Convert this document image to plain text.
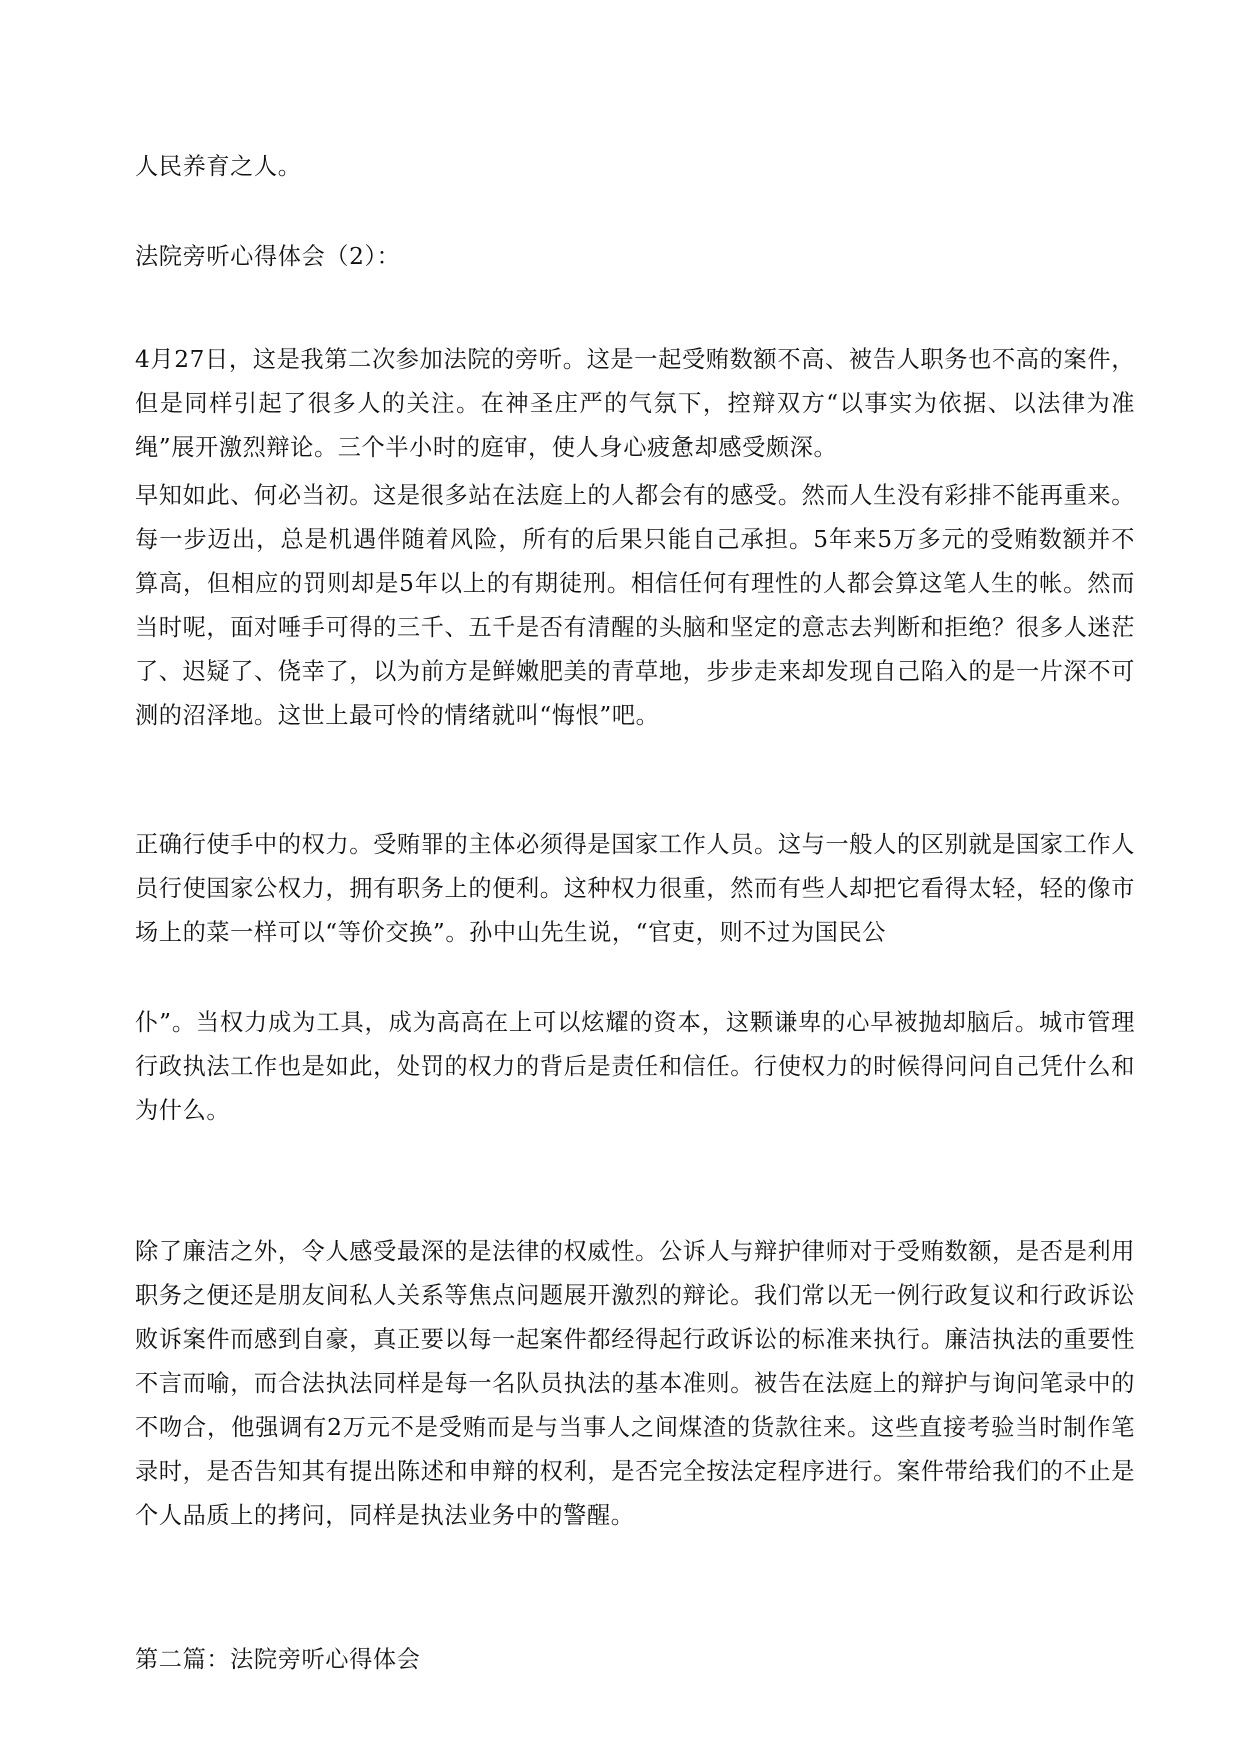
人民养育之人。

法院旁听心得体会（2）：

4月27日，这是我第二次参加法院的旁听。这是一起受贿数额不高、被告人职务也不高的案件，但是同样引起了很多人的关注。在神圣庄严的气氛下，控辩双方“以事实为依据、以法律为准绳”展开激烈辩论。三个半小时的庭审，使人身心疲惫却感受颇深。

早知如此、何必当初。这是很多站在法庭上的人都会有的感受。然而人生没有彩排不能再重来。每一步迈出，总是机遇伴随着风险，所有的后果只能自己承担。5年来5万多元的受贿数额并不算高，但相应的罚则却是5年以上的有期徒刑。相信任何有理性的人都会算这笔人生的帐。然而当时呢，面对唾手可得的三千、五千是否有清醒的头脑和坚定的意志去判断和拒绝？很多人迷茫了、迟疑了、侥幸了，以为前方是鲜嫩肥美的青草地，步步走来却发现自己陷入的是一片深不可测的沼泽地。这世上最可怜的情绪就叫“悔恨”吧。

正确行使手中的权力。受贿罪的主体必须得是国家工作人员。这与一般人的区别就是国家工作人员行使国家公权力，拥有职务上的便利。这种权力很重，然而有些人却把它看得太轻，轻的像市场上的菜一样可以“等价交换”。孙中山先生说，“官吏，则不过为国民公

仆”。当权力成为工具，成为高高在上可以炫耀的资本，这颗谦卑的心早被抛却脑后。城市管理行政执法工作也是如此，处罚的权力的背后是责任和信任。行使权力的时候得问问自己凭什么和为什么。

除了廉洁之外，令人感受最深的是法律的权威性。公诉人与辩护律师对于受贿数额，是否是利用职务之便还是朋友间私人关系等焦点问题展开激烈的辩论。我们常以无一例行政复议和行政诉讼败诉案件而感到自豪，真正要以每一起案件都经得起行政诉讼的标准来执行。廉洁执法的重要性不言而喻，而合法执法同样是每一名队员执法的基本准则。被告在法庭上的辩护与询问笔录中的不吻合，他强调有2万元不是受贿而是与当事人之间煤渣的货款往来。这些直接考验当时制作笔录时，是否告知其有提出陈述和申辩的权利，是否完全按法定程序进行。案件带给我们的不止是个人品质上的拷问，同样是执法业务中的警醒。

第二篇：法院旁听心得体会
